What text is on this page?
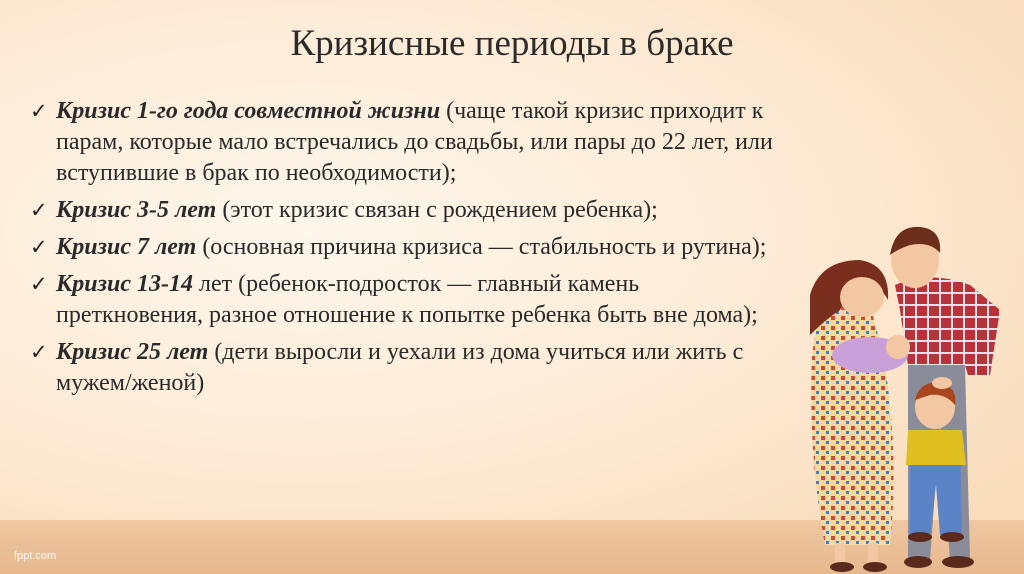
Кризисные периоды в браке
✓ Кризис 1-го года совместной жизни (чаще такой кризис приходит к парам, которые мало встречались до свадьбы, или пары до 22 лет, или вступившие в брак по необходимости);
✓ Кризис 3-5 лет (этот кризис связан с рождением ребенка);
✓ Кризис 7 лет (основная причина кризиса — стабильность и рутина);
✓ Кризис 13-14 лет (ребенок-подросток — главный камень преткновения, разное отношение к попытке ребенка быть вне дома);
✓ Кризис 25 лет (дети выросли и уехали из дома учиться или жить с мужем/женой)
fppt.com
